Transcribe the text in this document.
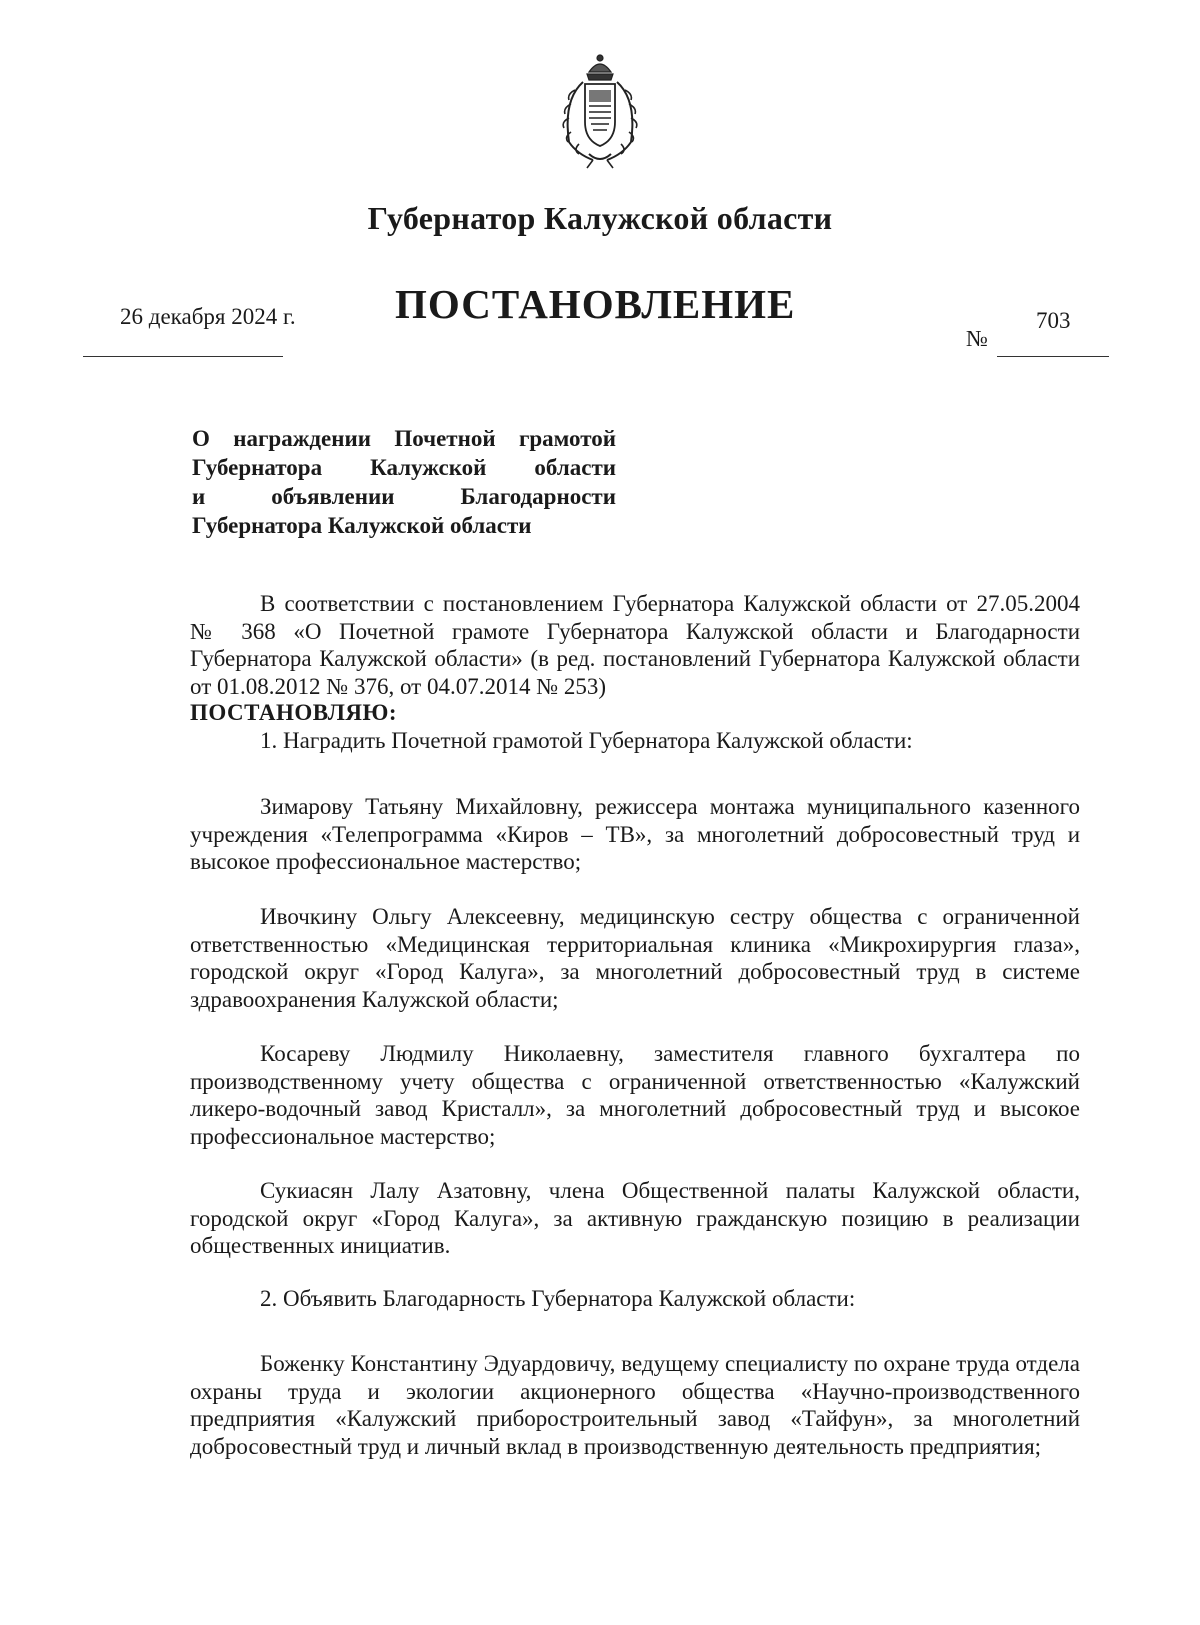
Губернатор Калужской области
ПОСТАНОВЛЕНИЕ
26 декабря 2024 г.
№
703
О награждении Почетной грамотой
Губернатора Калужской области
и объявлении Благодарности
Губернатора Калужской области

В соответствии с постановлением Губернатора Калужской области от 27.05.2004 № 368 «О Почетной грамоте Губернатора Калужской области и Благодарности Губернатора Калужской области» (в ред. постановлений Губернатора Калужской области от 01.08.2012 № 376, от 04.07.2014 № 253)

ПОСТАНОВЛЯЮ:

1. Наградить Почетной грамотой Губернатора Калужской области:

Зимарову Татьяну Михайловну, режиссера монтажа муниципального казенного учреждения «Телепрограмма «Киров – ТВ», за многолетний добросовестный труд и высокое профессиональное мастерство;

Ивочкину Ольгу Алексеевну, медицинскую сестру общества с ограниченной ответственностью «Медицинская территориальная клиника «Микрохирургия глаза», городской округ «Город Калуга», за многолетний добросовестный труд в системе здравоохранения Калужской области;

Косареву Людмилу Николаевну, заместителя главного бухгалтера по производственному учету общества с ограниченной ответственностью «Калужский ликеро-водочный завод Кристалл», за многолетний добросовестный труд и высокое профессиональное мастерство;

Сукиасян Лалу Азатовну, члена Общественной палаты Калужской области, городской округ «Город Калуга», за активную гражданскую позицию в реализации общественных инициатив.

2. Объявить Благодарность Губернатора Калужской области:

Боженку Константину Эдуардовичу, ведущему специалисту по охране труда отдела охраны труда и экологии акционерного общества «Научно-производственного предприятия «Калужский приборостроительный завод «Тайфун», за многолетний добросовестный труд и личный вклад в производственную деятельность предприятия;
